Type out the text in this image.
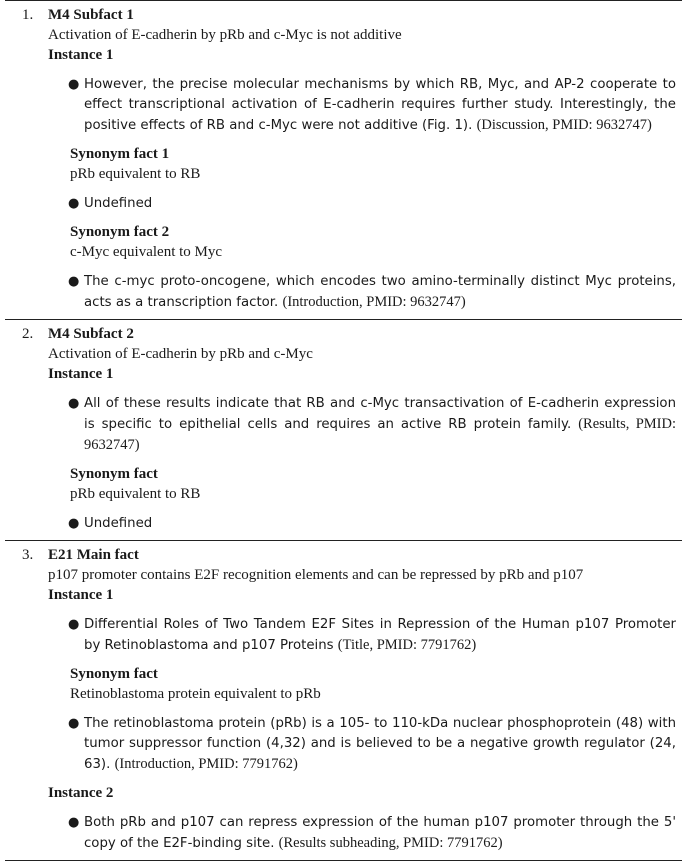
1. M4 Subfact 1
Activation of E-cadherin by pRb and c-Myc is not additive
Instance 1
● However, the precise molecular mechanisms by which RB, Myc, and AP-2 cooperate to effect transcriptional activation of E-cadherin requires further study. Interestingly, the positive effects of RB and c-Myc were not additive (Fig. 1). (Discussion, PMID: 9632747)
Synonym fact 1
pRb equivalent to RB
● Undefined
Synonym fact 2
c-Myc equivalent to Myc
● The c-myc proto-oncogene, which encodes two amino-terminally distinct Myc proteins, acts as a transcription factor. (Introduction, PMID: 9632747)
2. M4 Subfact 2
Activation of E-cadherin by pRb and c-Myc
Instance 1
● All of these results indicate that RB and c-Myc transactivation of E-cadherin expression is specific to epithelial cells and requires an active RB protein family. (Results, PMID: 9632747)
Synonym fact
pRb equivalent to RB
● Undefined
3. E21 Main fact
p107 promoter contains E2F recognition elements and can be repressed by pRb and p107
Instance 1
● Differential Roles of Two Tandem E2F Sites in Repression of the Human p107 Promoter by Retinoblastoma and p107 Proteins (Title, PMID: 7791762)
Synonym fact
Retinoblastoma protein equivalent to pRb
● The retinoblastoma protein (pRb) is a 105- to 110-kDa nuclear phosphoprotein (48) with tumor suppressor function (4,32) and is believed to be a negative growth regulator (24, 63). (Introduction, PMID: 7791762)
Instance 2
● Both pRb and p107 can repress expression of the human p107 promoter through the 5' copy of the E2F-binding site. (Results subheading, PMID: 7791762)
